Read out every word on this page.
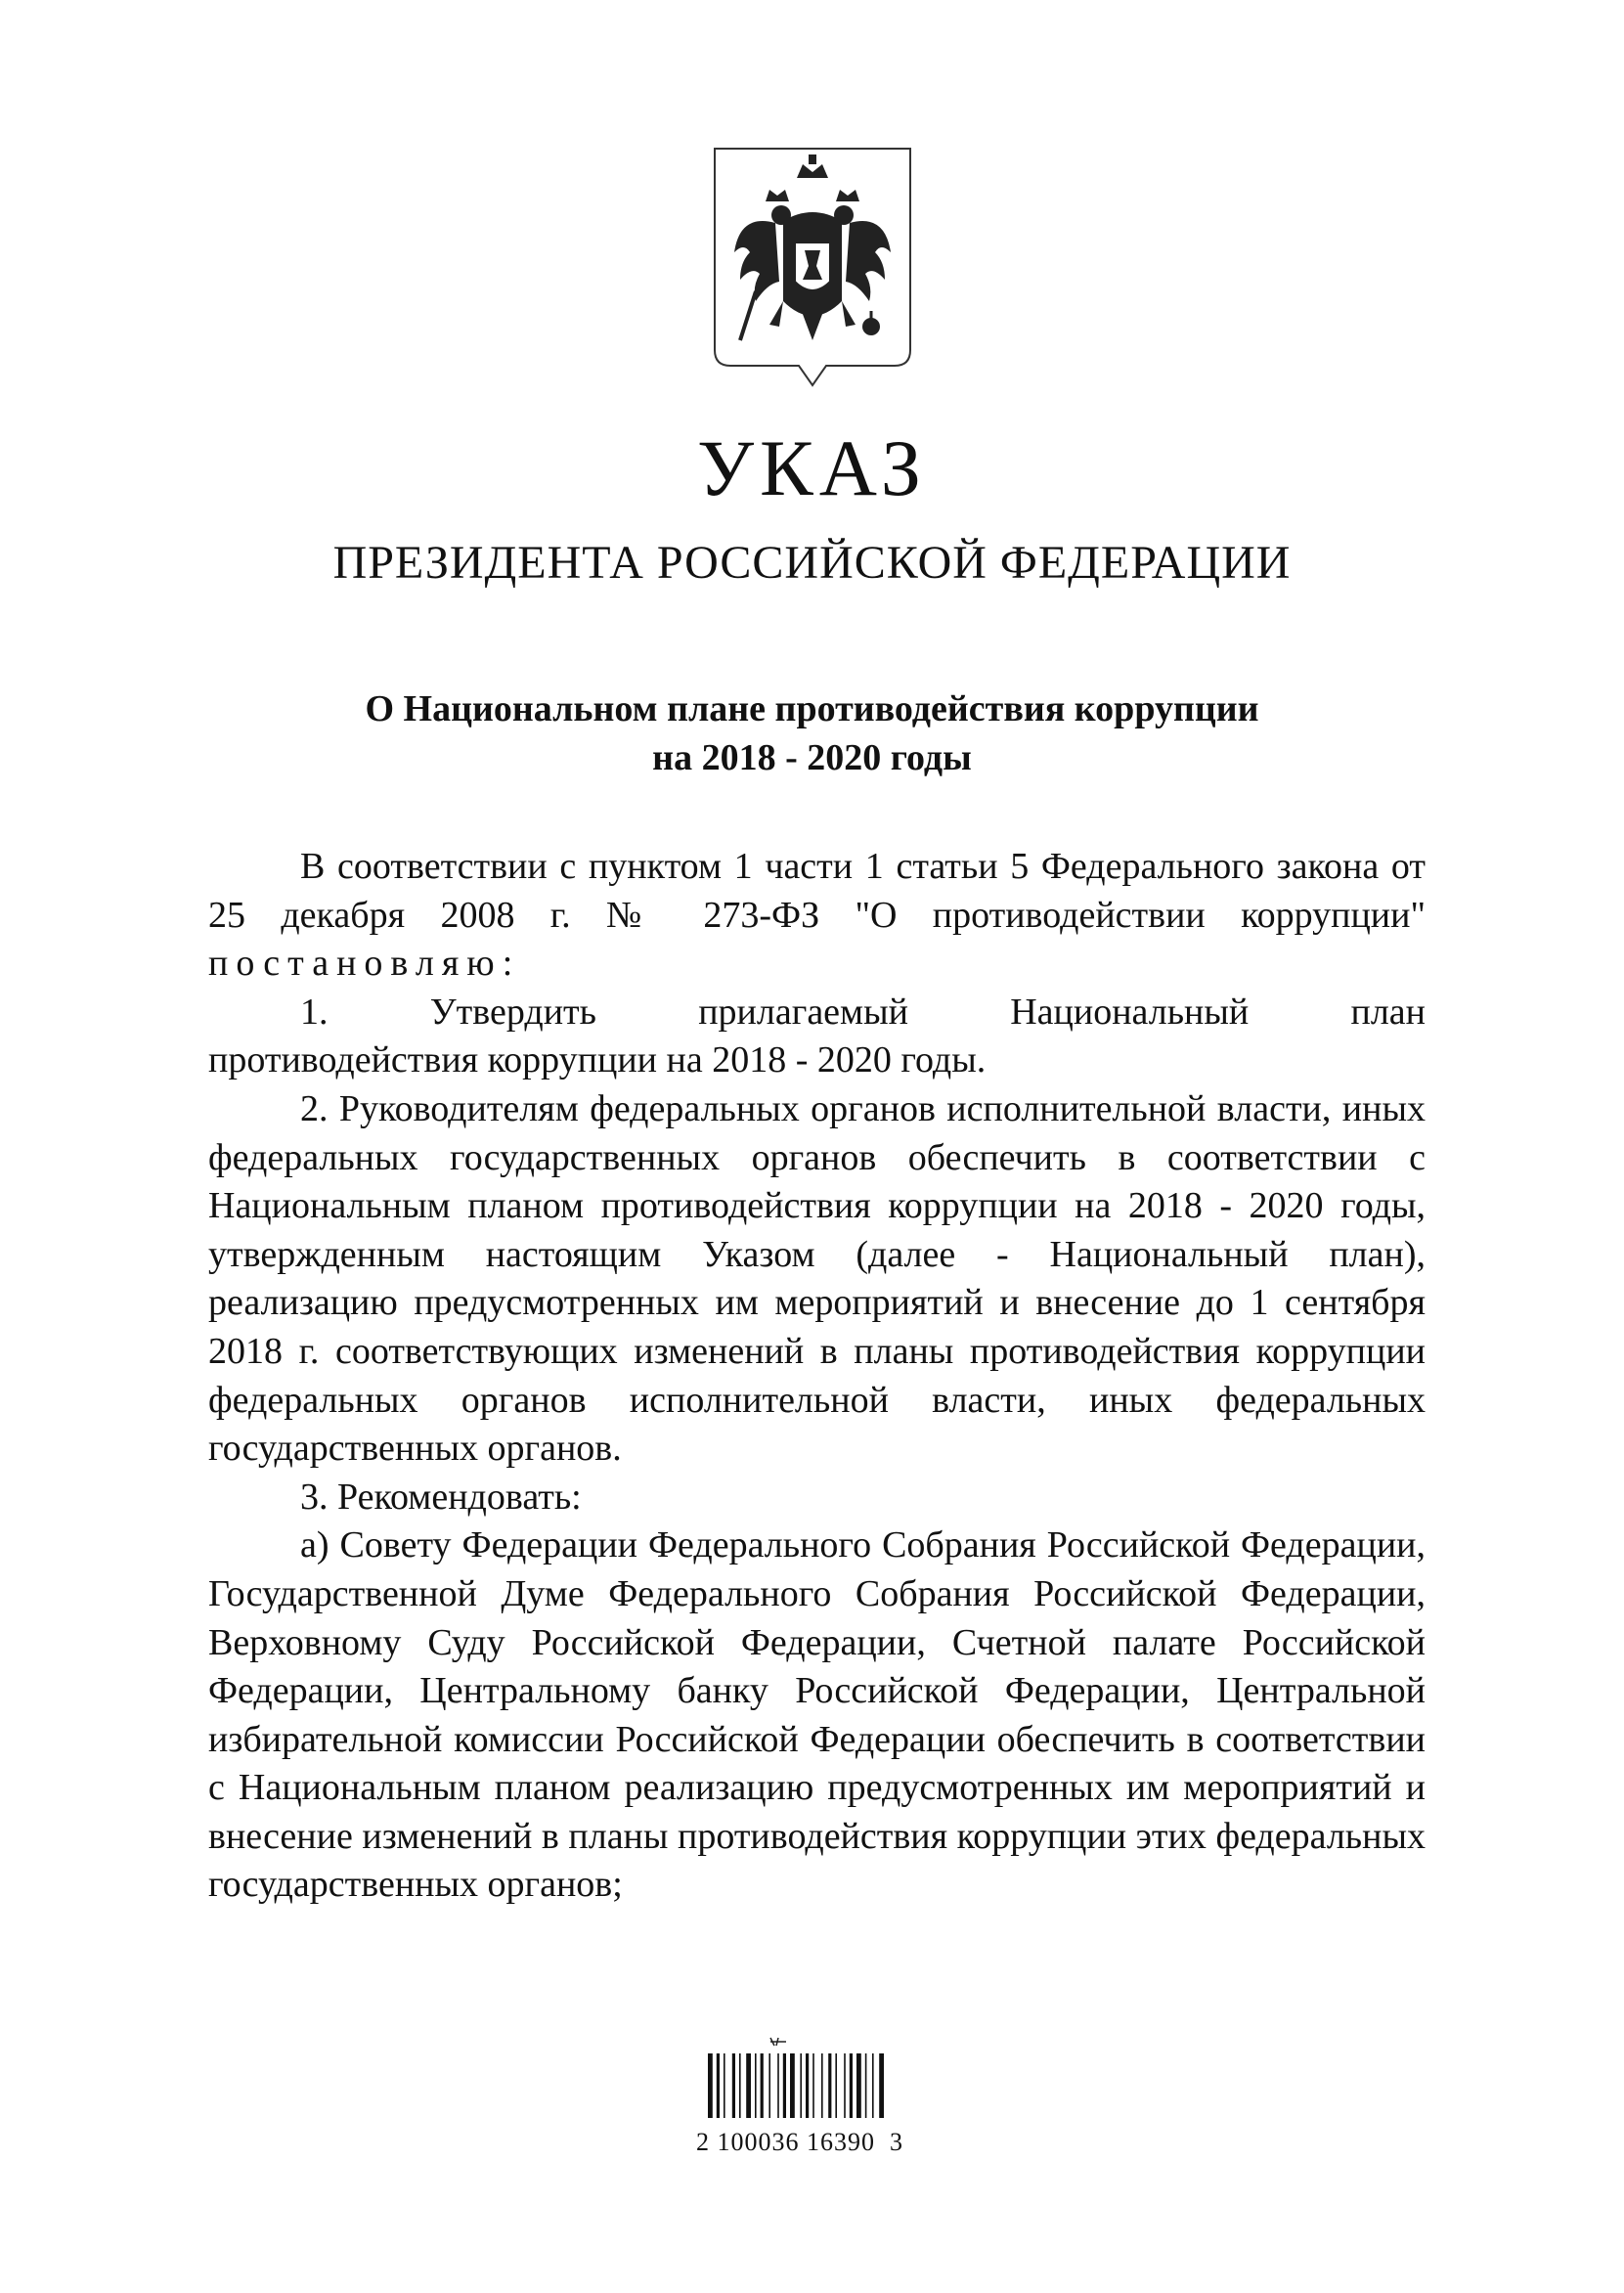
УКАЗ
ПРЕЗИДЕНТА РОССИЙСКОЙ ФЕДЕРАЦИИ
О Национальном плане противодействия коррупции
на 2018 - 2020 годы

В соответствии с пунктом 1 части 1 статьи 5 Федерального закона от 25 декабря 2008 г. № 273-ФЗ "О противодействии коррупции" постановляю:

1. Утвердить прилагаемый Национальный план

противодействия коррупции на 2018 - 2020 годы.

2. Руководителям федеральных органов исполнительной власти, иных федеральных государственных органов обеспечить в соответствии с Национальным планом противодействия коррупции на 2018 - 2020 годы, утвержденным настоящим Указом (далее - Национальный план), реализацию предусмотренных им мероприятий и внесение до 1 сентября 2018 г. соответствующих изменений в планы противодействия коррупции федеральных органов исполнительной власти, иных федеральных государственных органов.

3. Рекомендовать:

а) Совету Федерации Федерального Собрания Российской Федерации, Государственной Думе Федерального Собрания Российской Федерации, Верховному Суду Российской Федерации, Счетной палате Российской Федерации, Центральному банку Российской Федерации, Центральной избирательной комиссии Российской Федерации обеспечить в соответствии с Национальным планом реализацию предусмотренных им мероприятий и внесение изменений в планы противодействия коррупции этих федеральных государственных органов;

2 100036 16390  3
